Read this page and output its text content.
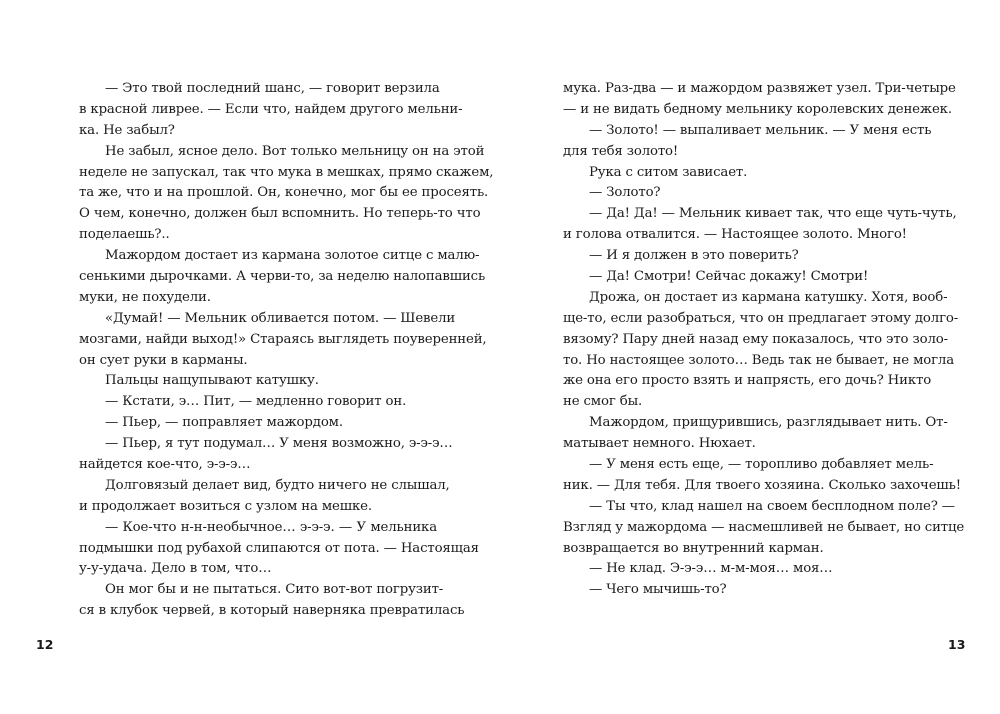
— Это твой последний шанс, — говорит верзила
в красной ливрее. — Если что, найдем другого мельни-
ка. Не забыл?
Не забыл, ясное дело. Вот только мельницу он на этой
неделе не запускал, так что мука в мешках, прямо скажем,
та же, что и на прошлой. Он, конечно, мог бы ее просеять.
О чем, конечно, должен был вспомнить. Но теперь-то что
поделаешь?..
Мажордом достает из кармана золотое ситце с малю-
сенькими дырочками. А черви-то, за неделю налопавшись
муки, не похудели.
«Думай! — Мельник обливается потом. — Шевели
мозгами, найди выход!» Стараясь выглядеть поувереннeй,
он сует руки в карманы.
Пальцы нащупывают катушку.
— Кстати, э… Пит, — медленно говорит он.
— Пьер, — поправляет мажордом.
— Пьер, я тут подумал… У меня возможно, э-э-э…
найдется кое-что, э-э-э…
Долговязый делает вид, будто ничего не слышал,
и продолжает возиться с узлом на мешке.
— Кое-что н-н-необычное… э-э-э. — У мельника
подмышки под рубахой слипаются от пота. — Настоящая
у-у-удача. Дело в том, что…
Он мог бы и не пытаться. Сито вот-вот погрузит-
ся в клубок червей, в который наверняка превратилась
12
мука. Раз-два — и мажордом развяжет узел. Три-четыре
— и не видать бедному мельнику королевских денежек.
— Золото! — выпаливает мельник. — У меня есть
для тебя золото!
Рука с ситом зависает.
— Золото?
— Да! Да! — Мельник кивает так, что еще чуть-чуть,
и голова отвалится. — Настоящее золото. Много!
— И я должен в это поверить?
— Да! Смотри! Сейчас докажу! Смотри!
Дрожа, он достает из кармана катушку. Хотя, вооб-
ще-то, если разобраться, что он предлагает этому долго-
вязому? Пару дней назад ему показалось, что это золо-
то. Но настоящее золото… Ведь так не бывает, не могла
же она его просто взять и напрясть, его дочь? Никто
не смог бы.
Мажордом, прищурившись, разглядывает нить. От-
матывает немного. Нюхает.
— У меня есть еще, — торопливо добавляет мель-
ник. — Для тебя. Для твоего хозяина. Сколько захочешь!
— Ты что, клад нашел на своем бесплодном поле? —
Взгляд у мажордома — насмешливей не бывает, но ситце
возвращается во внутренний карман.
— Не клад. Э-э-э… м-м-моя… моя…
— Чего мычишь-то?
13
